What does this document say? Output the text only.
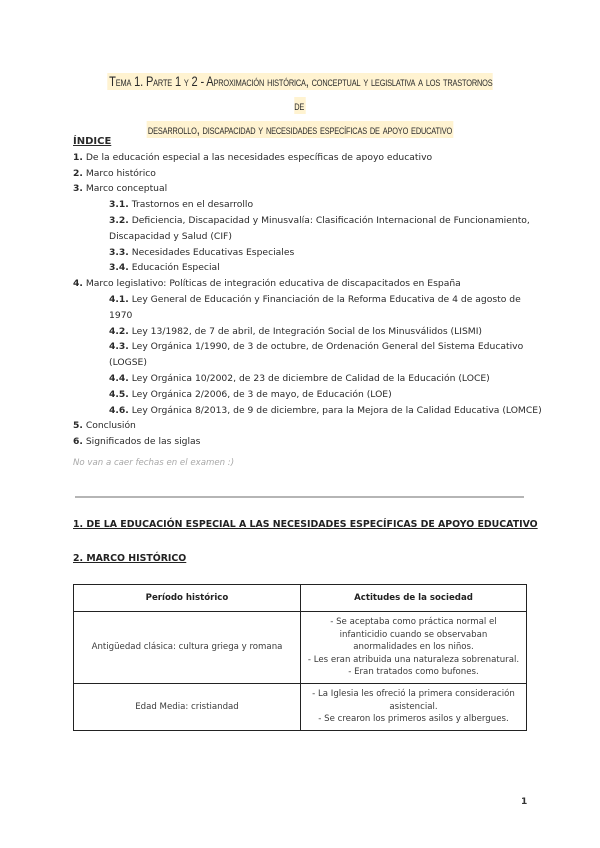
Tema 1. Parte 1 y 2 - Aproximación histórica, conceptual y legislativa a los trastornos de
desarrollo, discapacidad y necesidades específicas de apoyo educativo
ÍNDICE
1. De la educación especial a las necesidades específicas de apoyo educativo
2. Marco histórico
3. Marco conceptual
3.1. Trastornos en el desarrollo
3.2. Deficiencia, Discapacidad y Minusvalía: Clasificación Internacional de Funcionamiento, Discapacidad y Salud (CIF)
3.3. Necesidades Educativas Especiales
3.4. Educación Especial
4. Marco legislativo: Políticas de integración educativa de discapacitados en España
4.1. Ley General de Educación y Financiación de la Reforma Educativa de 4 de agosto de 1970
4.2. Ley 13/1982, de 7 de abril, de Integración Social de los Minusválidos (LISMI)
4.3. Ley Orgánica 1/1990, de 3 de octubre, de Ordenación General del Sistema Educativo (LOGSE)
4.4. Ley Orgánica 10/2002, de 23 de diciembre de Calidad de la Educación (LOCE)
4.5. Ley Orgánica 2/2006, de 3 de mayo, de Educación (LOE)
4.6. Ley Orgánica 8/2013, de 9 de diciembre, para la Mejora de la Calidad Educativa (LOMCE)
5. Conclusión
6. Significados de las siglas
No van a caer fechas en el examen :)
1. DE LA EDUCACIÓN ESPECIAL A LAS NECESIDADES ESPECÍFICAS DE APOYO EDUCATIVO
2. MARCO HISTÓRICO
Período histórico	Actitudes de la sociedad
Antigüedad clásica: cultura griega y romana	- Se aceptaba como práctica normal el infanticidio cuando se observaban anormalidades en los niños.
- Les eran atribuida una naturaleza sobrenatural.
- Eran tratados como bufones.

Edad Media: cristiandad	- La Iglesia les ofreció la primera consideración asistencial.
- Se crearon los primeros asilos y albergues.
1
